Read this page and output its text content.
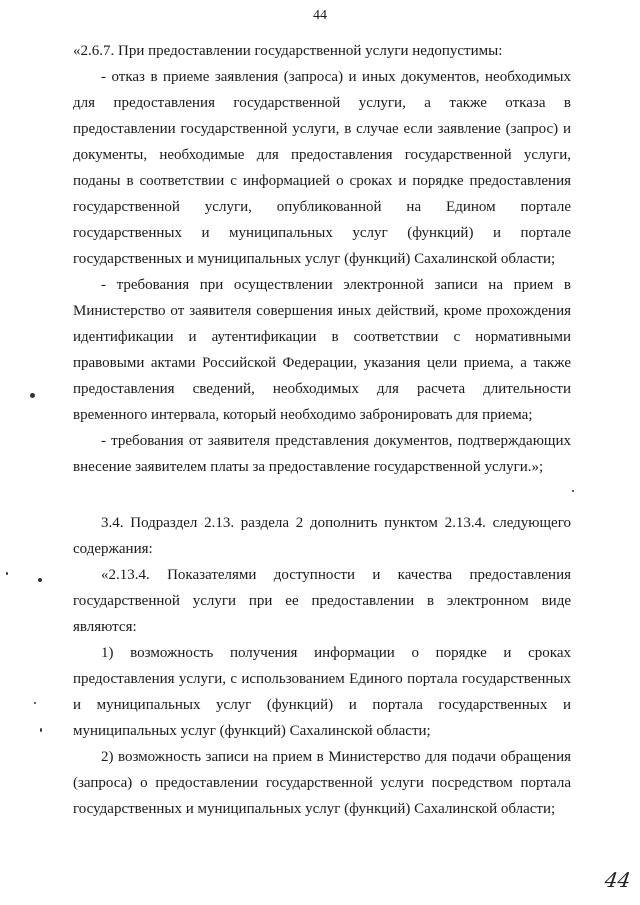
44

«2.6.7. При предоставлении государственной услуги недопустимы:

- отказ в приеме заявления (запроса) и иных документов, необходимых для предоставления государственной услуги, а также отказа в предоставлении государственной услуги, в случае если заявление (запрос) и документы, необходимые для предоставления государственной услуги, поданы в соответствии с информацией о сроках и порядке предоставления государственной услуги, опубликованной на Едином портале государственных и муниципальных услуг (функций) и портале государственных и муниципальных услуг (функций) Сахалинской области;

- требования при осуществлении электронной записи на прием в Министерство от заявителя совершения иных действий, кроме прохождения идентификации и аутентификации в соответствии с нормативными правовыми актами Российской Федерации, указания цели приема, а также предоставления сведений, необходимых для расчета длительности временного интервала, который необходимо забронировать для приема;

- требования от заявителя представления документов, подтверждающих внесение заявителем платы за предоставление государственной услуги.»;

3.4. Подраздел 2.13. раздела 2 дополнить пунктом 2.13.4. следующего содержания:

«2.13.4. Показателями доступности и качества предоставления государственной услуги при ее предоставлении в электронном виде являются:

1) возможность получения информации о порядке и сроках предоставления услуги, с использованием Единого портала государственных и муниципальных услуг (функций) и портала государственных и муниципальных услуг (функций) Сахалинской области;

2) возможность записи на прием в Министерство для подачи обращения (запроса) о предоставлении государственной услуги посредством портала государственных и муниципальных услуг (функций) Сахалинской области;

44
